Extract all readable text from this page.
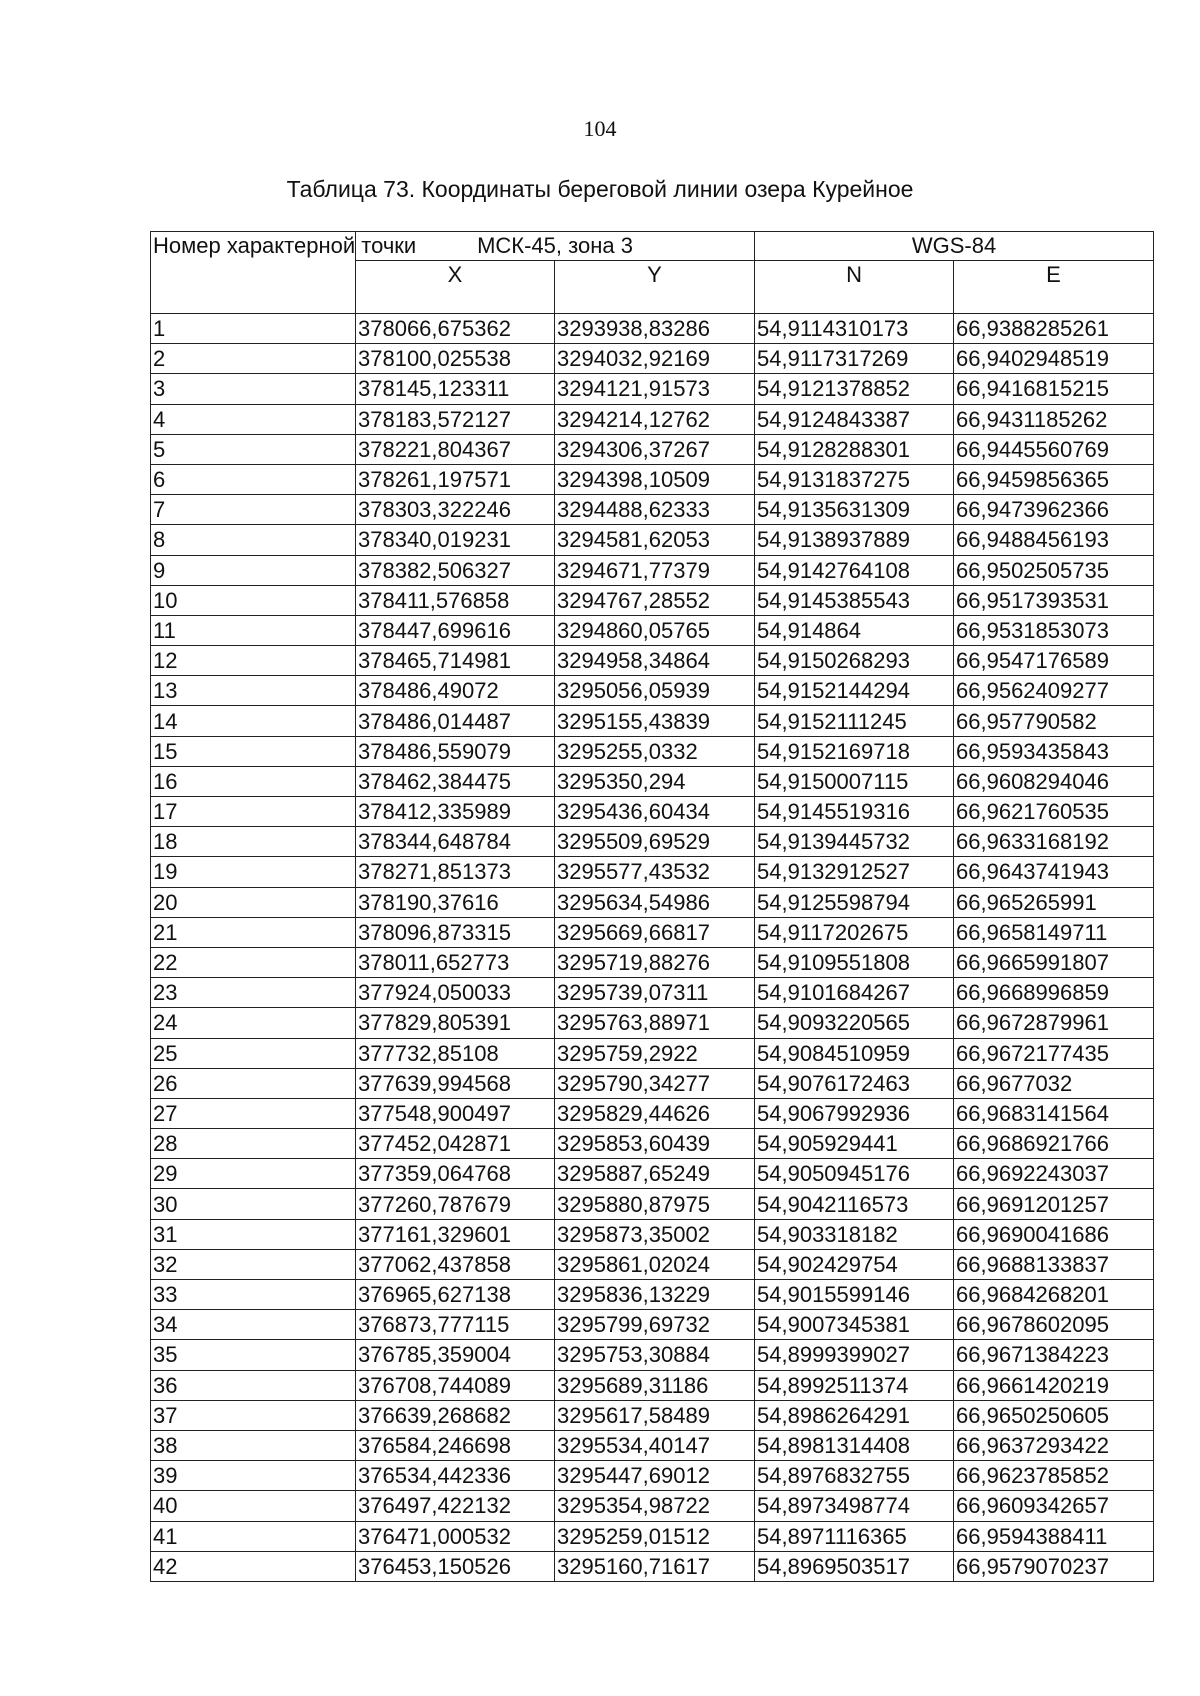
104
Таблица 73. Координаты береговой линии озера Курейное
Номер характерной точки	МСК-45, зона 3		WGS-84	
	X	Y	N	E
1	378066,675362	3293938,83286	54,9114310173	66,9388285261
2	378100,025538	3294032,92169	54,9117317269	66,9402948519
3	378145,123311	3294121,91573	54,9121378852	66,9416815215
4	378183,572127	3294214,12762	54,9124843387	66,9431185262
5	378221,804367	3294306,37267	54,9128288301	66,9445560769
6	378261,197571	3294398,10509	54,9131837275	66,9459856365
7	378303,322246	3294488,62333	54,9135631309	66,9473962366
8	378340,019231	3294581,62053	54,9138937889	66,9488456193
9	378382,506327	3294671,77379	54,9142764108	66,9502505735
10	378411,576858	3294767,28552	54,9145385543	66,9517393531
11	378447,699616	3294860,05765	54,914864	66,9531853073
12	378465,714981	3294958,34864	54,9150268293	66,9547176589
13	378486,49072	3295056,05939	54,9152144294	66,9562409277
14	378486,014487	3295155,43839	54,9152111245	66,957790582
15	378486,559079	3295255,0332	54,9152169718	66,9593435843
16	378462,384475	3295350,294	54,9150007115	66,9608294046
17	378412,335989	3295436,60434	54,9145519316	66,9621760535
18	378344,648784	3295509,69529	54,9139445732	66,9633168192
19	378271,851373	3295577,43532	54,9132912527	66,9643741943
20	378190,37616	3295634,54986	54,9125598794	66,965265991
21	378096,873315	3295669,66817	54,9117202675	66,9658149711
22	378011,652773	3295719,88276	54,9109551808	66,9665991807
23	377924,050033	3295739,07311	54,9101684267	66,9668996859
24	377829,805391	3295763,88971	54,9093220565	66,9672879961
25	377732,85108	3295759,2922	54,9084510959	66,9672177435
26	377639,994568	3295790,34277	54,9076172463	66,9677032
27	377548,900497	3295829,44626	54,9067992936	66,9683141564
28	377452,042871	3295853,60439	54,905929441	66,9686921766
29	377359,064768	3295887,65249	54,9050945176	66,9692243037
30	377260,787679	3295880,87975	54,9042116573	66,9691201257
31	377161,329601	3295873,35002	54,903318182	66,9690041686
32	377062,437858	3295861,02024	54,902429754	66,9688133837
33	376965,627138	3295836,13229	54,9015599146	66,9684268201
34	376873,777115	3295799,69732	54,9007345381	66,9678602095
35	376785,359004	3295753,30884	54,8999399027	66,9671384223
36	376708,744089	3295689,31186	54,8992511374	66,9661420219
37	376639,268682	3295617,58489	54,8986264291	66,9650250605
38	376584,246698	3295534,40147	54,8981314408	66,9637293422
39	376534,442336	3295447,69012	54,8976832755	66,9623785852
40	376497,422132	3295354,98722	54,8973498774	66,9609342657
41	376471,000532	3295259,01512	54,8971116365	66,9594388411
42	376453,150526	3295160,71617	54,8969503517	66,9579070237
